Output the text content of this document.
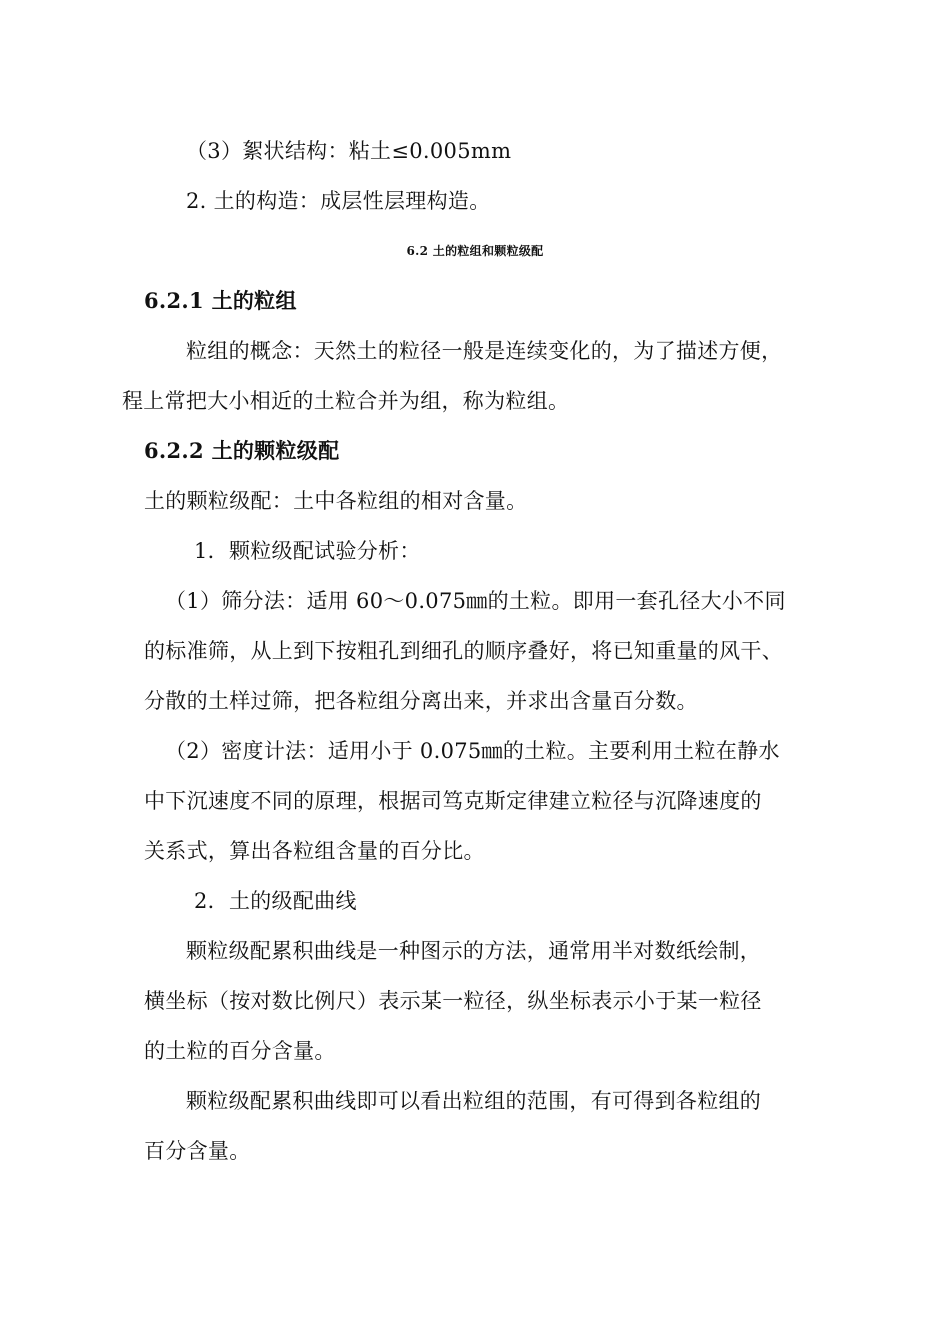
（3）絮状结构：粘土≤0.005mm
2. 土的构造：成层性层理构造。
6.2 土的粒组和颗粒级配
6.2.1 土的粒组
粒组的概念：天然土的粒径一般是连续变化的，为了描述方便，
程上常把大小相近的土粒合并为组，称为粒组。
6.2.2 土的颗粒级配
土的颗粒级配：土中各粒组的相对含量。
1．颗粒级配试验分析：
（1）筛分法：适用 60～0.075㎜的土粒。即用一套孔径大小不同
的标准筛，从上到下按粗孔到细孔的顺序叠好，将已知重量的风干、
分散的土样过筛，把各粒组分离出来，并求出含量百分数。
（2）密度计法：适用小于 0.075㎜的土粒。主要利用土粒在静水
中下沉速度不同的原理，根据司笃克斯定律建立粒径与沉降速度的
关系式，算出各粒组含量的百分比。
2．土的级配曲线
颗粒级配累积曲线是一种图示的方法，通常用半对数纸绘制，
横坐标（按对数比例尺）表示某一粒径，纵坐标表示小于某一粒径
的土粒的百分含量。
颗粒级配累积曲线即可以看出粒组的范围，有可得到各粒组的
百分含量。
